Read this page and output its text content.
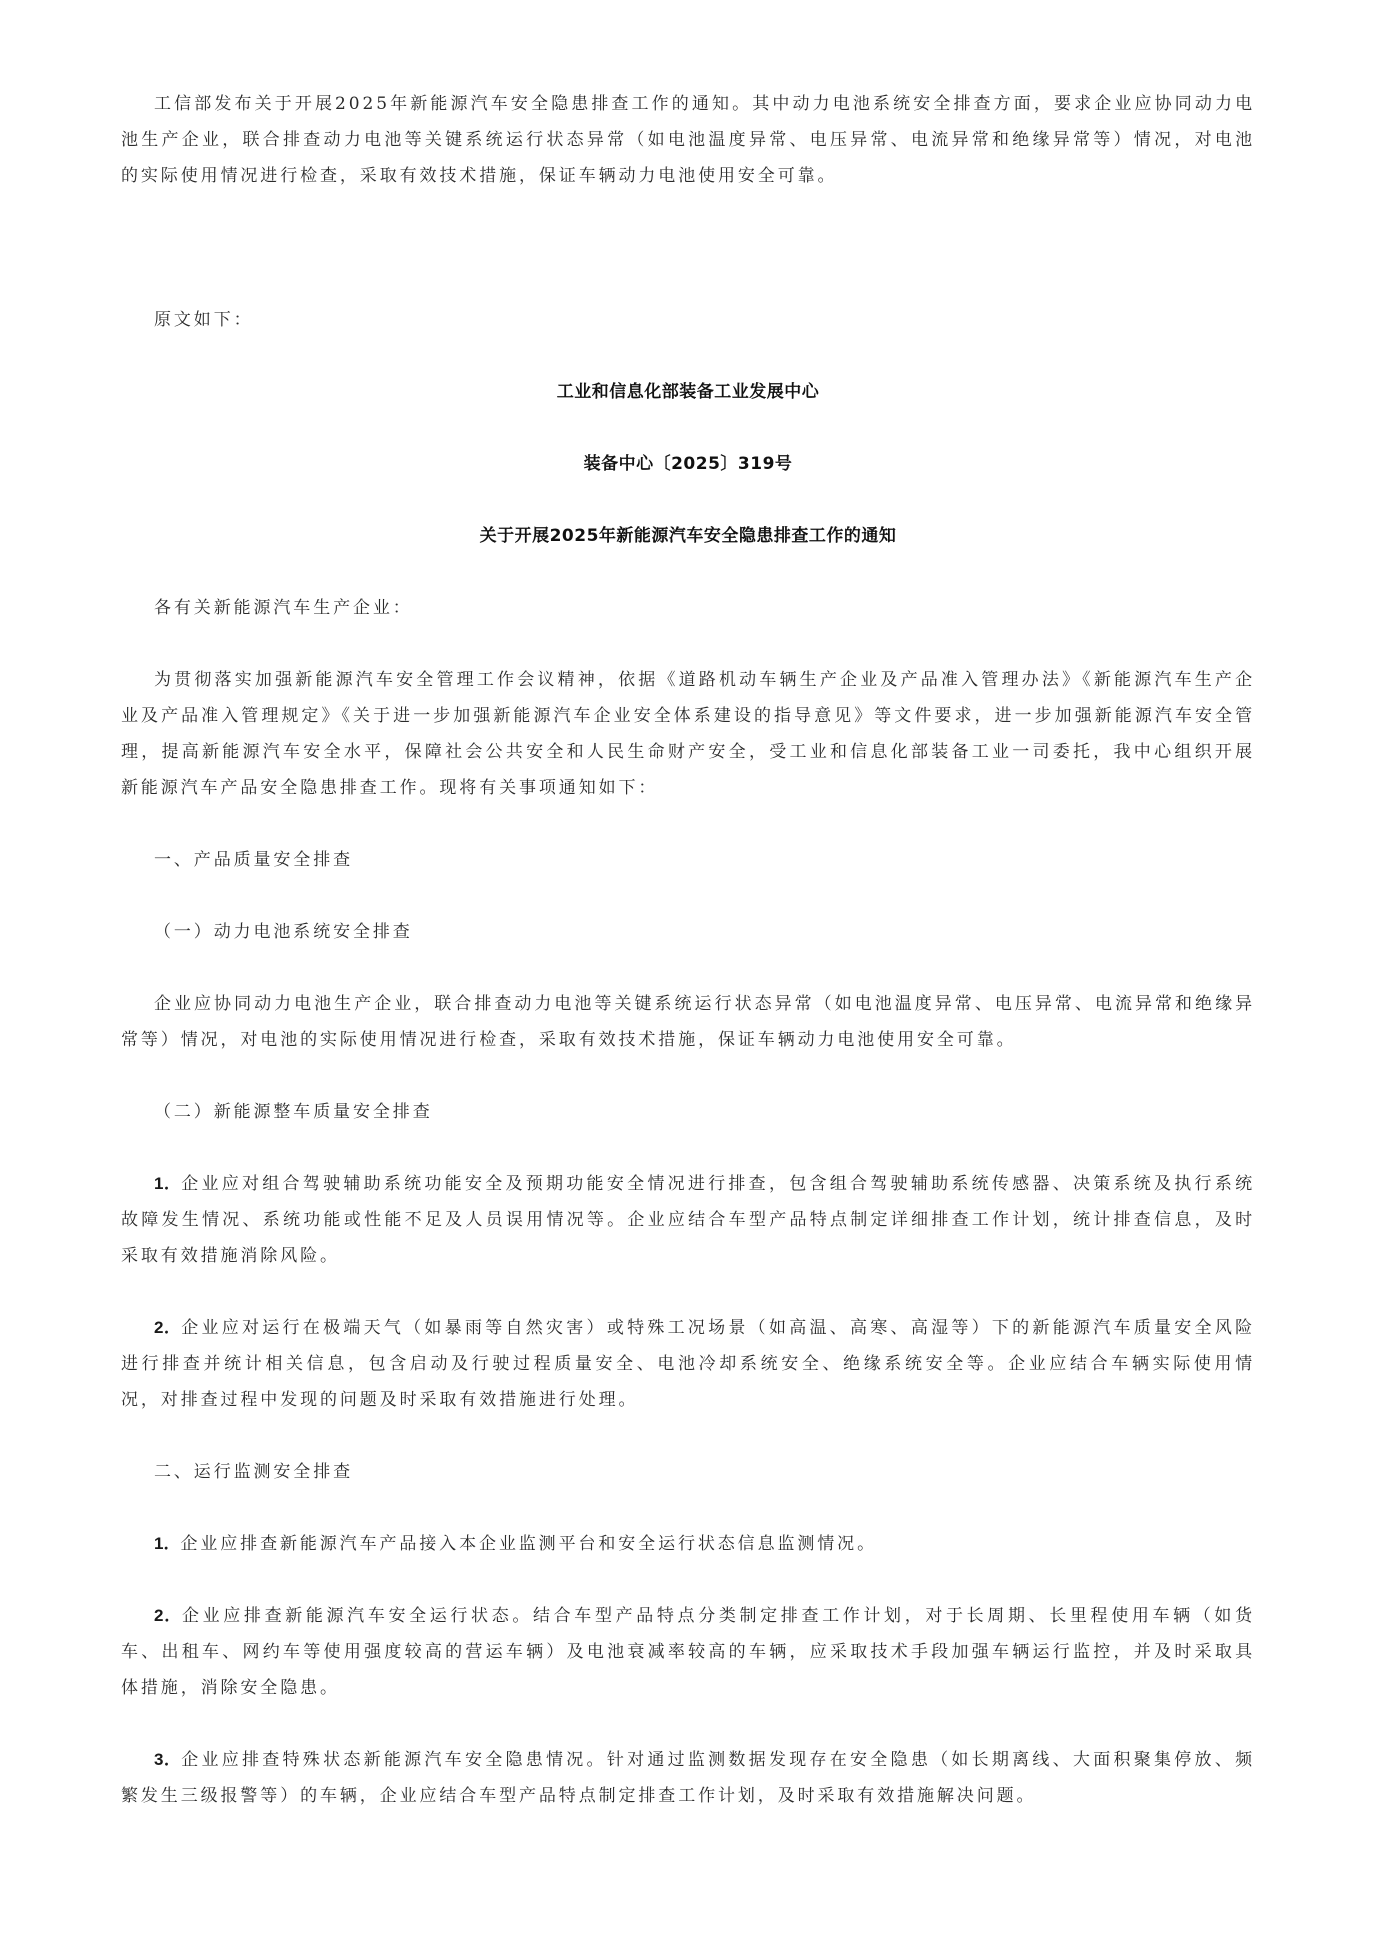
工信部发布关于开展2025年新能源汽车安全隐患排查工作的通知。其中动力电池系统安全排查方面，要求企业应协同动力电池生产企业，联合排查动力电池等关键系统运行状态异常（如电池温度异常、电压异常、电流异常和绝缘异常等）情况，对电池的实际使用情况进行检查，采取有效技术措施，保证车辆动力电池使用安全可靠。

原文如下：

工业和信息化部装备工业发展中心

装备中心〔2025〕319号

关于开展2025年新能源汽车安全隐患排查工作的通知

各有关新能源汽车生产企业：

为贯彻落实加强新能源汽车安全管理工作会议精神，依据《道路机动车辆生产企业及产品准入管理办法》《新能源汽车生产企业及产品准入管理规定》《关于进一步加强新能源汽车企业安全体系建设的指导意见》等文件要求，进一步加强新能源汽车安全管理，提高新能源汽车安全水平，保障社会公共安全和人民生命财产安全，受工业和信息化部装备工业一司委托，我中心组织开展新能源汽车产品安全隐患排查工作。现将有关事项通知如下：

一、产品质量安全排查

（一）动力电池系统安全排查

企业应协同动力电池生产企业，联合排查动力电池等关键系统运行状态异常（如电池温度异常、电压异常、电流异常和绝缘异常等）情况，对电池的实际使用情况进行检查，采取有效技术措施，保证车辆动力电池使用安全可靠。

（二）新能源整车质量安全排查

1．企业应对组合驾驶辅助系统功能安全及预期功能安全情况进行排查，包含组合驾驶辅助系统传感器、决策系统及执行系统故障发生情况、系统功能或性能不足及人员误用情况等。企业应结合车型产品特点制定详细排查工作计划，统计排查信息，及时采取有效措施消除风险。

2．企业应对运行在极端天气（如暴雨等自然灾害）或特殊工况场景（如高温、高寒、高湿等）下的新能源汽车质量安全风险进行排查并统计相关信息，包含启动及行驶过程质量安全、电池冷却系统安全、绝缘系统安全等。企业应结合车辆实际使用情况，对排查过程中发现的问题及时采取有效措施进行处理。

二、运行监测安全排查

1．企业应排查新能源汽车产品接入本企业监测平台和安全运行状态信息监测情况。

2．企业应排查新能源汽车安全运行状态。结合车型产品特点分类制定排查工作计划，对于长周期、长里程使用车辆（如货车、出租车、网约车等使用强度较高的营运车辆）及电池衰减率较高的车辆，应采取技术手段加强车辆运行监控，并及时采取具体措施，消除安全隐患。

3．企业应排查特殊状态新能源汽车安全隐患情况。针对通过监测数据发现存在安全隐患（如长期离线、大面积聚集停放、频繁发生三级报警等）的车辆，企业应结合车型产品特点制定排查工作计划，及时采取有效措施解决问题。
